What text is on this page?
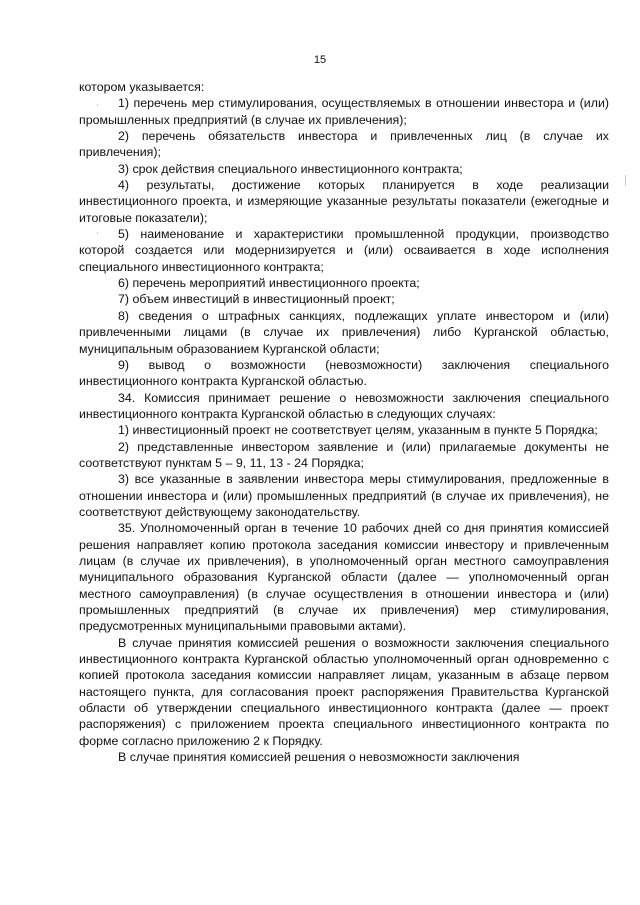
15

котором указывается:

1) перечень мер стимулирования, осуществляемых в отношении инвестора и (или) промышленных предприятий (в случае их привлечения);

2) перечень обязательств инвестора и привлеченных лиц (в случае их привлечения);

3) срок действия специального инвестиционного контракта;

4) результаты, достижение которых планируется в ходе реализации инвестиционного проекта, и измеряющие указанные результаты показатели (ежегодные и итоговые показатели);

5) наименование и характеристики промышленной продукции, производство которой создается или модернизируется и (или) осваивается в ходе исполнения специального инвестиционного контракта;

6) перечень мероприятий инвестиционного проекта;

7) объем инвестиций в инвестиционный проект;

8) сведения о штрафных санкциях, подлежащих уплате инвестором и (или) привлеченными лицами (в случае их привлечения) либо Курганской областью, муниципальным образованием Курганской области;

9) вывод о возможности (невозможности) заключения специального инвестиционного контракта Курганской областью.

34. Комиссия принимает решение о невозможности заключения специального инвестиционного контракта Курганской областью в следующих случаях:

1) инвестиционный проект не соответствует целям, указанным в пункте 5 Порядка;

2) представленные инвестором заявление и (или) прилагаемые документы не соответствуют пунктам 5 – 9, 11, 13 - 24 Порядка;

3) все указанные в заявлении инвестора меры стимулирования, предложенные в отношении инвестора и (или) промышленных предприятий (в случае их привлечения), не соответствуют действующему законодательству.

35. Уполномоченный орган в течение 10 рабочих дней со дня принятия комиссией решения направляет копию протокола заседания комиссии инвестору и привлеченным лицам (в случае их привлечения), в уполномоченный орган местного самоуправления муниципального образования Курганской области (далее — уполномоченный орган местного самоуправления) (в случае осуществления в отношении инвестора и (или) промышленных предприятий (в случае их привлечения) мер стимулирования, предусмотренных муниципальными правовыми актами).

В случае принятия комиссией решения о возможности заключения специального инвестиционного контракта Курганской областью уполномоченный орган одновременно с копией протокола заседания комиссии направляет лицам, указанным в абзаце первом настоящего пункта, для согласования проект распоряжения Правительства Курганской области об утверждении специального инвестиционного контракта (далее — проект распоряжения) с приложением проекта специального инвестиционного контракта по форме согласно приложению 2 к Порядку.

В случае принятия комиссией решения о невозможности заключения
